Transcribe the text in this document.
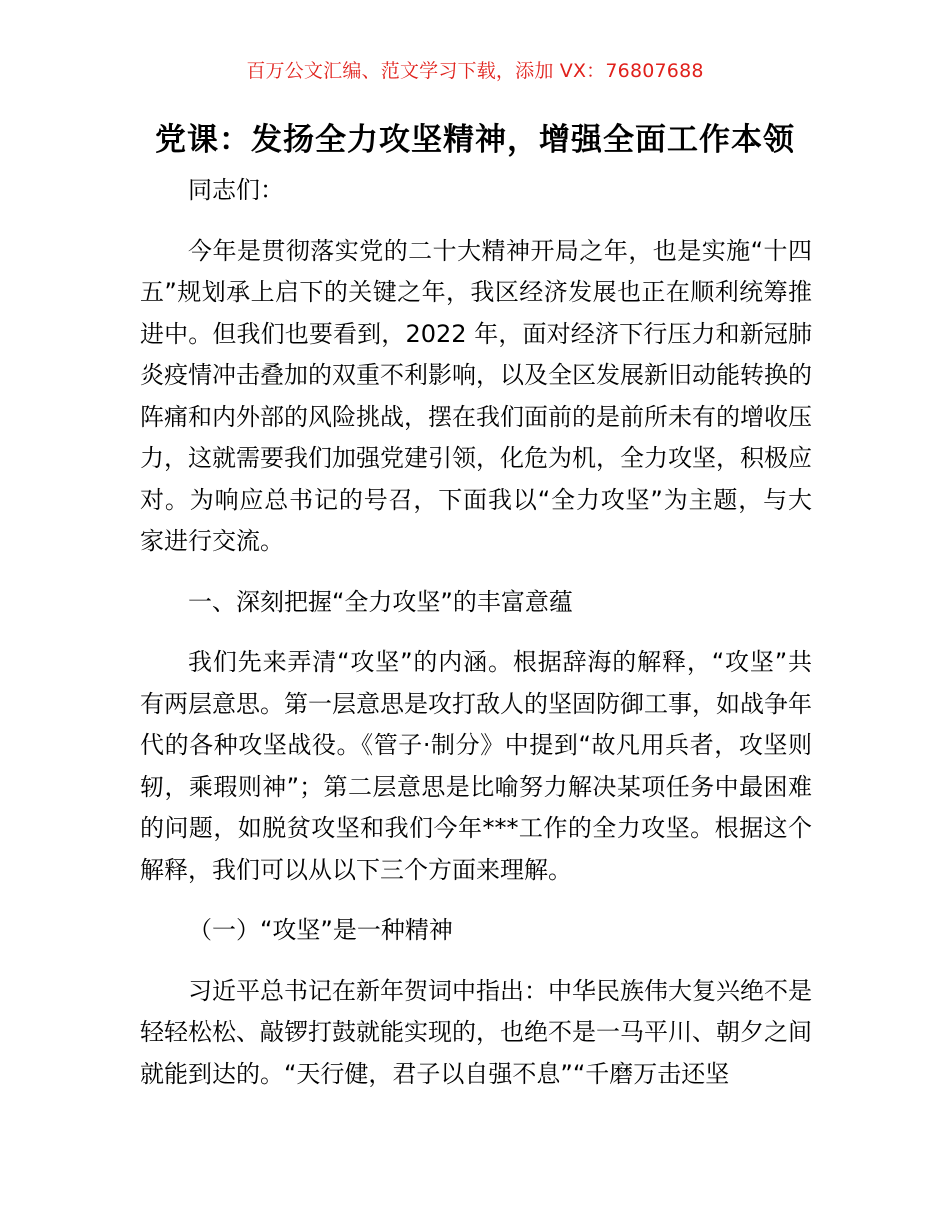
百万公文汇编、范文学习下载，添加 VX：76807688
党课：发扬全力攻坚精神，增强全面工作本领

同志们：

今年是贯彻落实党的二十大精神开局之年，也是实施“十四五”规划承上启下的关键之年，我区经济发展也正在顺利统筹推进中。但我们也要看到，2022 年，面对经济下行压力和新冠肺炎疫情冲击叠加的双重不利影响，以及全区发展新旧动能转换的阵痛和内外部的风险挑战，摆在我们面前的是前所未有的增收压力，这就需要我们加强党建引领，化危为机，全力攻坚，积极应对。为响应总书记的号召，下面我以“全力攻坚”为主题，与大家进行交流。

一、深刻把握“全力攻坚”的丰富意蕴

我们先来弄清“攻坚”的内涵。根据辞海的解释，“攻坚”共有两层意思。第一层意思是攻打敌人的坚固防御工事，如战争年代的各种攻坚战役。《管子·制分》中提到“故凡用兵者，攻坚则轫，乘瑕则神”；第二层意思是比喻努力解决某项任务中最困难的问题，如脱贫攻坚和我们今年***工作的全力攻坚。根据这个解释，我们可以从以下三个方面来理解。

（一）“攻坚”是一种精神

习近平总书记在新年贺词中指出：中华民族伟大复兴绝不是轻轻松松、敲锣打鼓就能实现的，也绝不是一马平川、朝夕之间就能到达的。“天行健，君子以自强不息”“千磨万击还坚
